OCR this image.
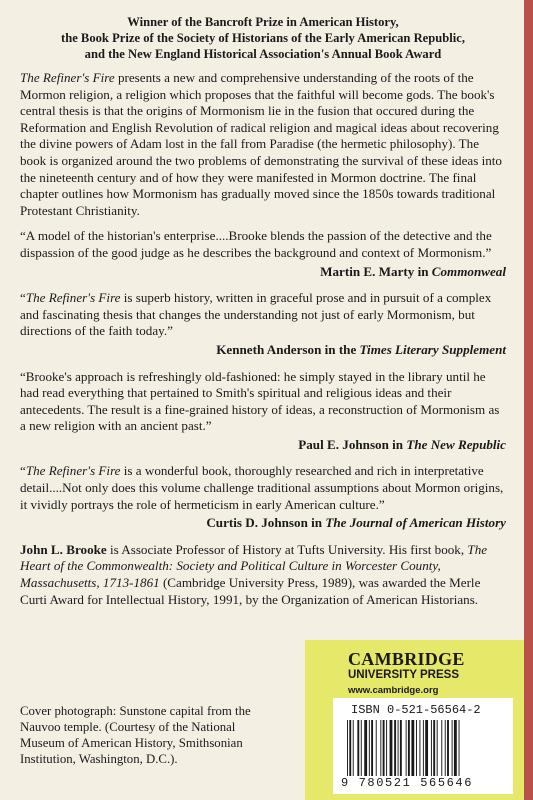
Winner of the Bancroft Prize in American History,
the Book Prize of the Society of Historians of the Early American Republic,
and the New England Historical Association's Annual Book Award

The Refiner's Fire presents a new and comprehensive understanding of the roots of the Mormon religion, a religion which proposes that the faithful will become gods. The book's central thesis is that the origins of Mormonism lie in the fusion that occured during the Reformation and English Revolution of radical religion and magical ideas about recovering the divine powers of Adam lost in the fall from Paradise (the hermetic philosophy). The book is organized around the two problems of demonstrating the survival of these ideas into the nineteenth century and of how they were manifested in Mormon doctrine. The final chapter outlines how Mormonism has gradually moved since the 1850s towards traditional Protestant Christianity.

“A model of the historian's enterprise....Brooke blends the passion of the detective and the dispassion of the good judge as he describes the background and context of Mormonism.”

Martin E. Marty in Commonweal

“The Refiner's Fire is superb history, written in graceful prose and in pursuit of a complex and fascinating thesis that changes the understanding not just of early Mormonism, but directions of the faith today.”

Kenneth Anderson in the Times Literary Supplement

“Brooke's approach is refreshingly old-fashioned: he simply stayed in the library until he had read everything that pertained to Smith's spiritual and religious ideas and their antecedents. The result is a fine-grained history of ideas, a reconstruction of Mormonism as a new religion with an ancient past.”

Paul E. Johnson in The New Republic

“The Refiner's Fire is a wonderful book, thoroughly researched and rich in interpretative detail....Not only does this volume challenge traditional assumptions about Mormon origins, it vividly portrays the role of hermeticism in early American culture.”

Curtis D. Johnson in The Journal of American History

John L. Brooke is Associate Professor of History at Tufts University. His first book, The Heart of the Commonwealth: Society and Political Culture in Worcester County, Massachusetts, 1713-1861 (Cambridge University Press, 1989), was awarded the Merle Curti Award for Intellectual History, 1991, by the Organization of American Historians.

Cover photograph: Sunstone capital from the Nauvoo temple. (Courtesy of the National Museum of American History, Smithsonian Institution, Washington, D.C.).
CAMBRIDGE
UNIVERSITY PRESS
www.cambridge.org
ISBN 0-521-56564-2
9 780521 565646
